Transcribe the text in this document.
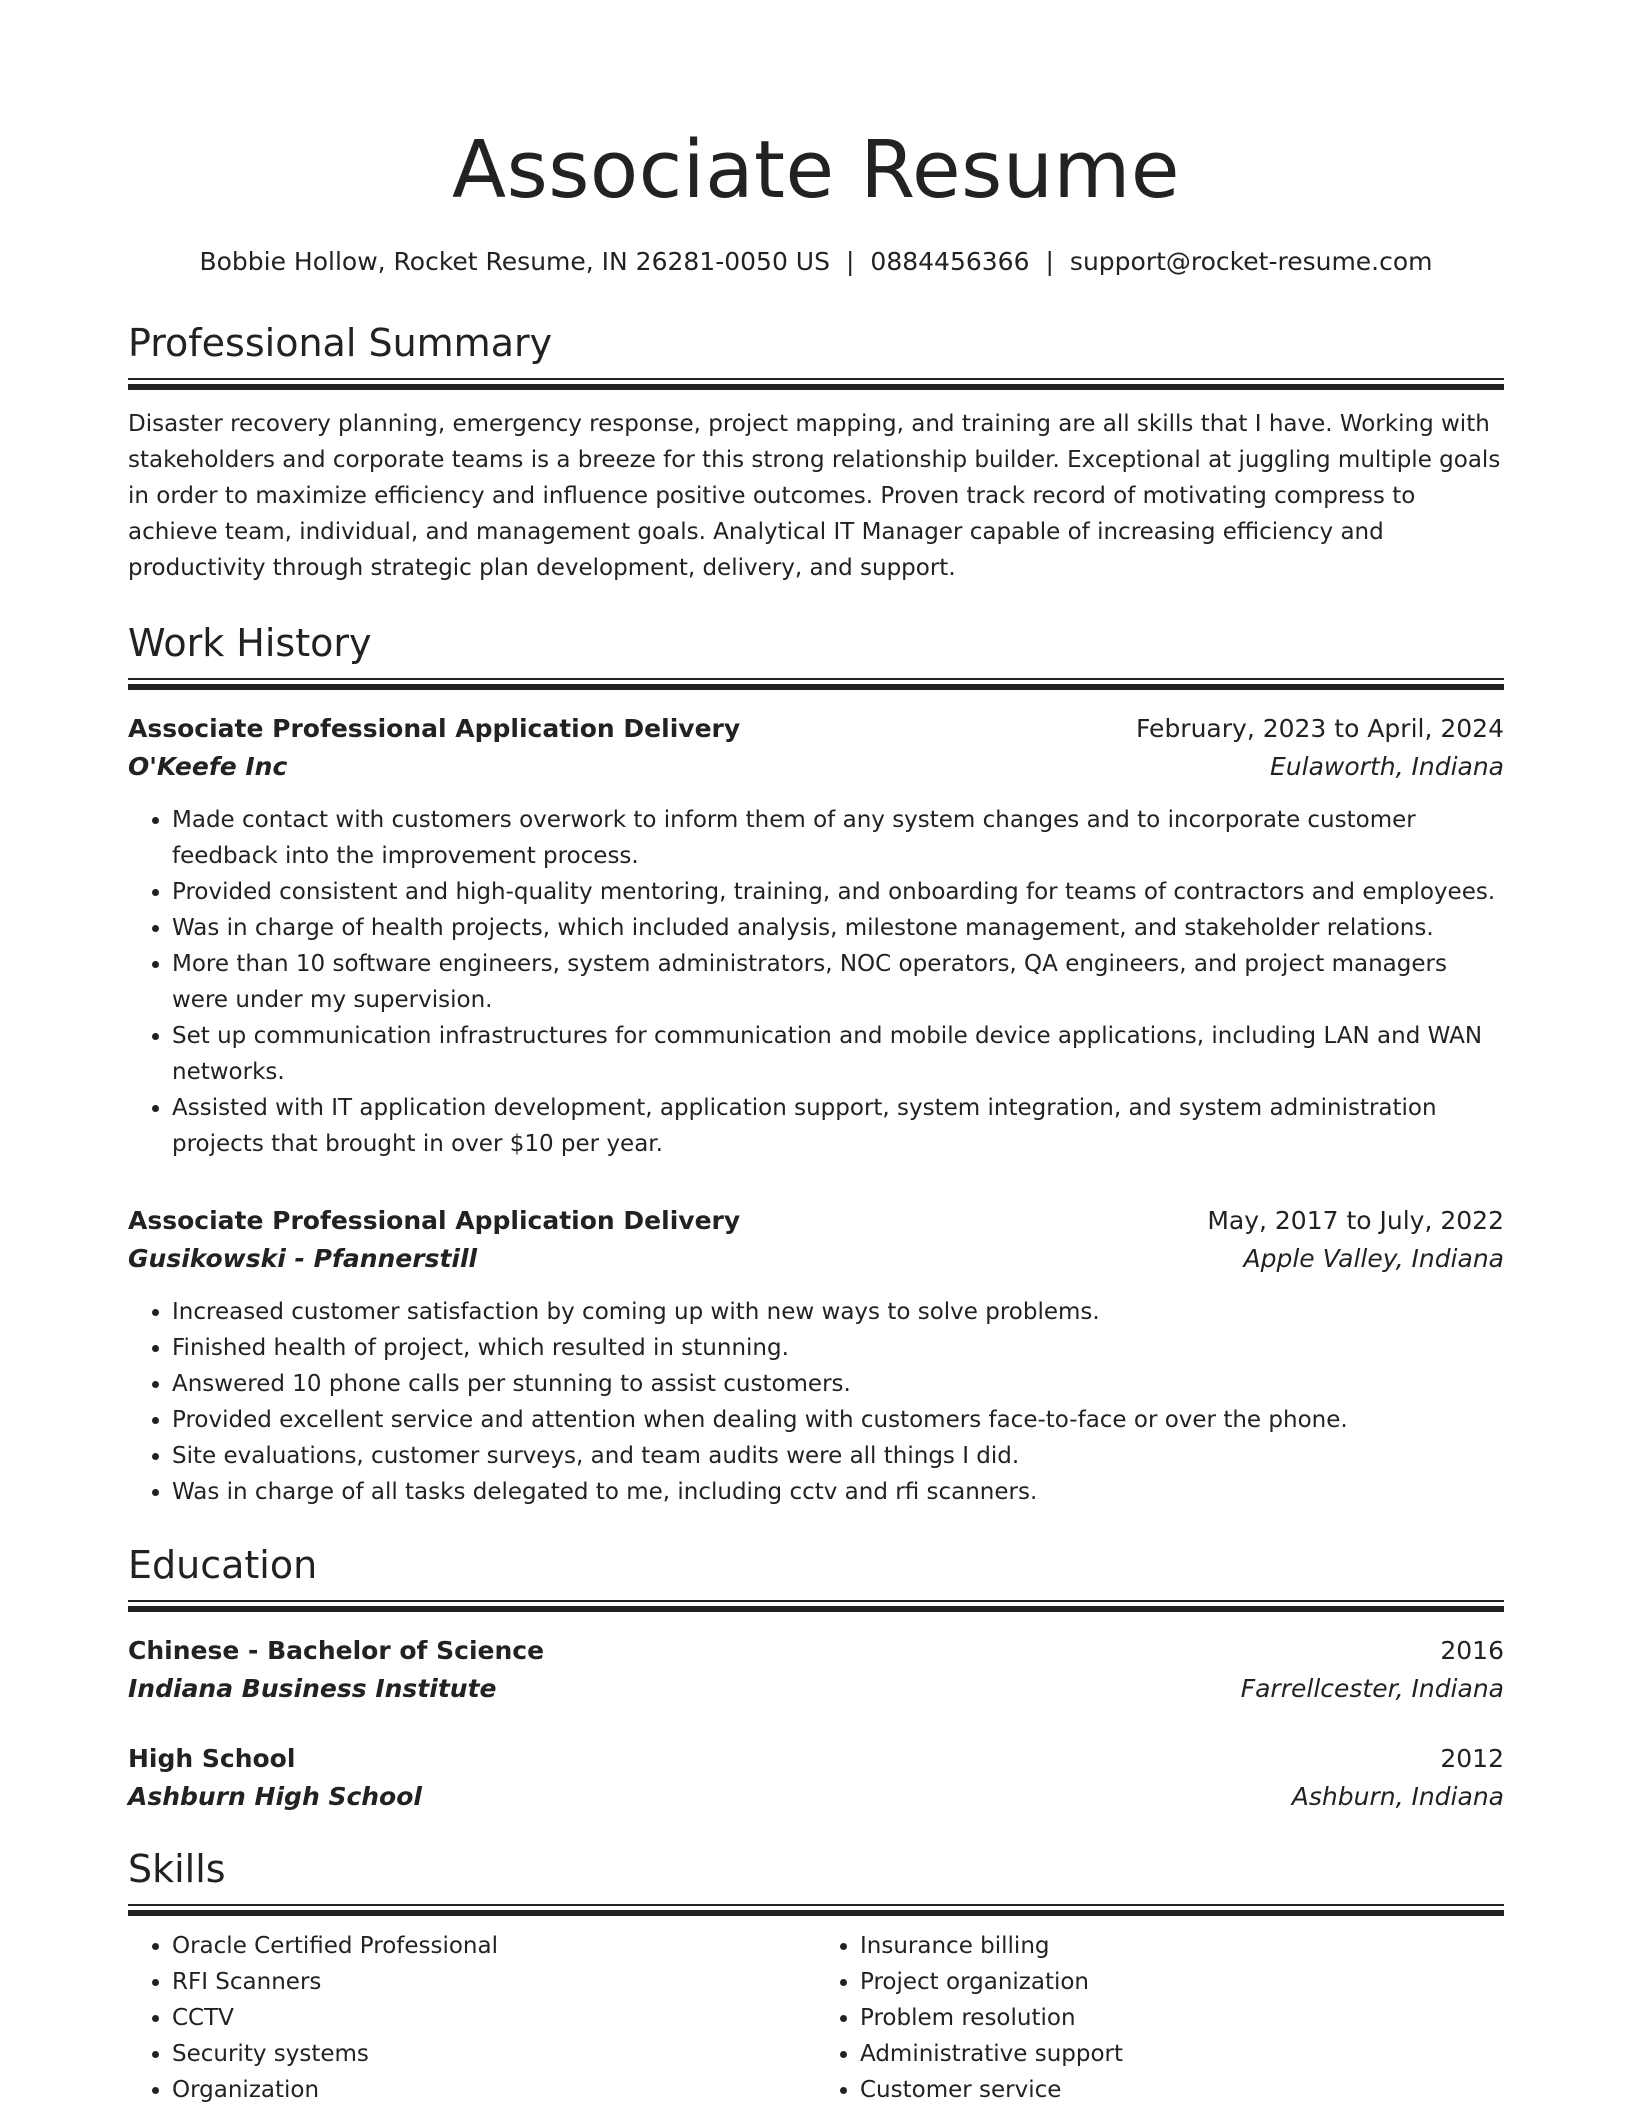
Associate Resume
Bobbie Hollow, Rocket Resume, IN 26281-0050 US | 0884456366 | support@rocket-resume.com
Professional Summary
Disaster recovery planning, emergency response, project mapping, and training are all skills that I have. Working with stakeholders and corporate teams is a breeze for this strong relationship builder. Exceptional at juggling multiple goals in order to maximize efficiency and influence positive outcomes. Proven track record of motivating compress to achieve team, individual, and management goals. Analytical IT Manager capable of increasing efficiency and productivity through strategic plan development, delivery, and support.
Work History
Associate Professional Application Delivery	February, 2023 to April, 2024
O'Keefe Inc	Eulaworth, Indiana
• Made contact with customers overwork to inform them of any system changes and to incorporate customer feedback into the improvement process.
• Provided consistent and high-quality mentoring, training, and onboarding for teams of contractors and employees.
• Was in charge of health projects, which included analysis, milestone management, and stakeholder relations.
• More than 10 software engineers, system administrators, NOC operators, QA engineers, and project managers were under my supervision.
• Set up communication infrastructures for communication and mobile device applications, including LAN and WAN networks.
• Assisted with IT application development, application support, system integration, and system administration projects that brought in over $10 per year.
Associate Professional Application Delivery	May, 2017 to July, 2022
Gusikowski - Pfannerstill	Apple Valley, Indiana
• Increased customer satisfaction by coming up with new ways to solve problems.
• Finished health of project, which resulted in stunning.
• Answered 10 phone calls per stunning to assist customers.
• Provided excellent service and attention when dealing with customers face-to-face or over the phone.
• Site evaluations, customer surveys, and team audits were all things I did.
• Was in charge of all tasks delegated to me, including cctv and rfi scanners.
Education
Chinese - Bachelor of Science	2016
Indiana Business Institute	Farrellcester, Indiana
High School	2012
Ashburn High School	Ashburn, Indiana
Skills
• Oracle Certified Professional
• RFI Scanners
• CCTV
• Security systems
• Organization
• Insurance billing
• Project organization
• Problem resolution
• Administrative support
• Customer service
